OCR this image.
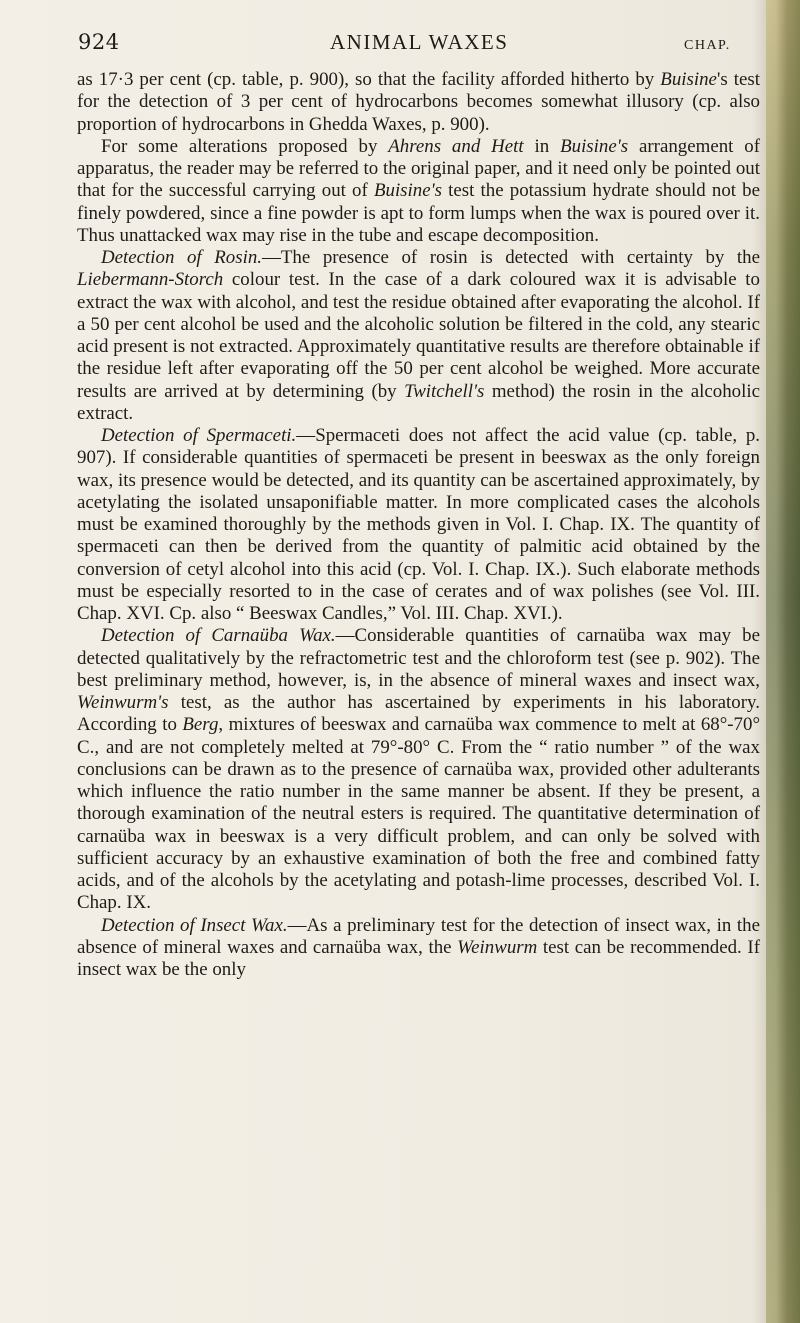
924	ANIMAL WAXES	CHAP.

as 17·3 per cent (cp. table, p. 900), so that the facility afforded hitherto by Buisine's test for the detection of 3 per cent of hydrocarbons becomes somewhat illusory (cp. also proportion of hydrocarbons in Ghedda Waxes, p. 900).

For some alterations proposed by Ahrens and Hett in Buisine's arrangement of apparatus, the reader may be referred to the original paper, and it need only be pointed out that for the successful carrying out of Buisine's test the potassium hydrate should not be finely powdered, since a fine powder is apt to form lumps when the wax is poured over it. Thus unattacked wax may rise in the tube and escape decomposition.

Detection of Rosin.—The presence of rosin is detected with certainty by the Liebermann-Storch colour test. In the case of a dark coloured wax it is advisable to extract the wax with alcohol, and test the residue obtained after evaporating the alcohol. If a 50 per cent alcohol be used and the alcoholic solution be filtered in the cold, any stearic acid present is not extracted. Approximately quantitative results are therefore obtainable if the residue left after evaporating off the 50 per cent alcohol be weighed. More accurate results are arrived at by determining (by Twitchell's method) the rosin in the alcoholic extract.

Detection of Spermaceti.—Spermaceti does not affect the acid value (cp. table, p. 907). If considerable quantities of spermaceti be present in beeswax as the only foreign wax, its presence would be detected, and its quantity can be ascertained approximately, by acetylating the isolated unsaponifiable matter. In more complicated cases the alcohols must be examined thoroughly by the methods given in Vol. I. Chap. IX. The quantity of spermaceti can then be derived from the quantity of palmitic acid obtained by the conversion of cetyl alcohol into this acid (cp. Vol. I. Chap. IX.). Such elaborate methods must be especially resorted to in the case of cerates and of wax polishes (see Vol. III. Chap. XVI. Cp. also “ Beeswax Candles,” Vol. III. Chap. XVI.).

Detection of Carnaüba Wax.—Considerable quantities of carnaüba wax may be detected qualitatively by the refractometric test and the chloroform test (see p. 902). The best preliminary method, however, is, in the absence of mineral waxes and insect wax, Weinwurm's test, as the author has ascertained by experiments in his laboratory. According to Berg, mixtures of beeswax and carnaüba wax commence to melt at 68°-70° C., and are not completely melted at 79°-80° C. From the “ ratio number ” of the wax conclusions can be drawn as to the presence of carnaüba wax, provided other adulterants which influence the ratio number in the same manner be absent. If they be present, a thorough examination of the neutral esters is required. The quantitative determination of carnaüba wax in beeswax is a very difficult problem, and can only be solved with sufficient accuracy by an exhaustive examination of both the free and combined fatty acids, and of the alcohols by the acetylating and potash-lime processes, described Vol. I. Chap. IX.

Detection of Insect Wax.—As a preliminary test for the detection of insect wax, in the absence of mineral waxes and carnaüba wax, the Weinwurm test can be recommended. If insect wax be the only
